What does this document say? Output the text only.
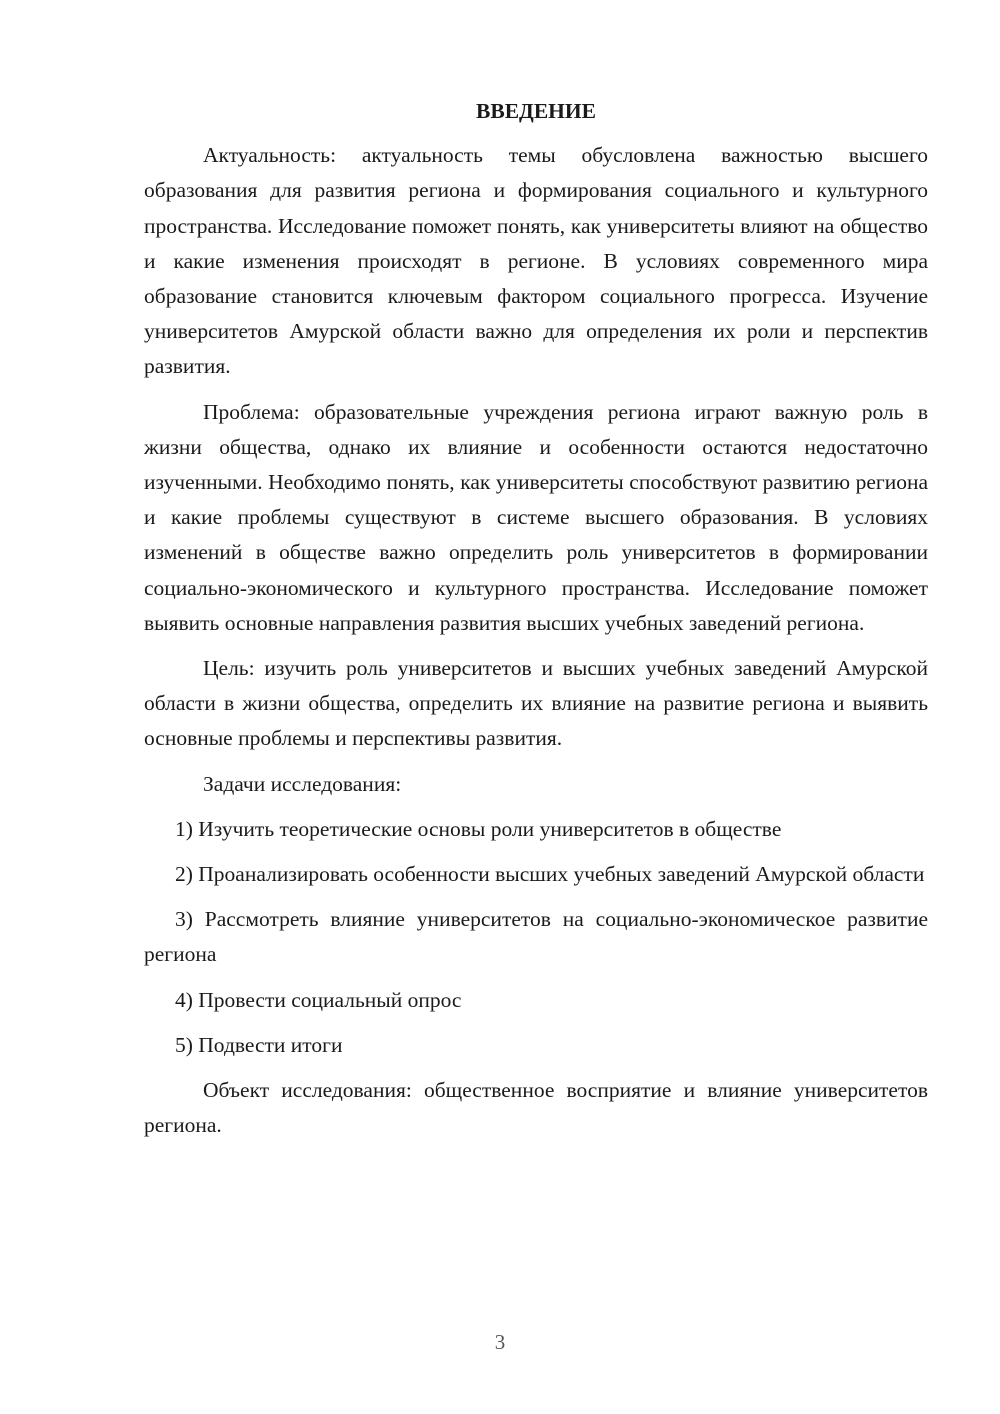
ВВЕДЕНИЕ

Актуальность: актуальность темы обусловлена важностью высшего образования для развития региона и формирования социального и культурного пространства. Исследование поможет понять, как университеты влияют на общество и какие изменения происходят в регионе. В условиях современного мира образование становится ключевым фактором социального прогресса. Изучение университетов Амурской области важно для определения их роли и перспектив развития.

Проблема: образовательные учреждения региона играют важную роль в жизни общества, однако их влияние и особенности остаются недостаточно изученными. Необходимо понять, как университеты способствуют развитию региона и какие проблемы существуют в системе высшего образования. В условиях изменений в обществе важно определить роль университетов в формировании социально-экономического и культурного пространства. Исследование поможет выявить основные направления развития высших учебных заведений региона.

Цель: изучить роль университетов и высших учебных заведений Амурской области в жизни общества, определить их влияние на развитие региона и выявить основные проблемы и перспективы развития.

Задачи исследования:

1) Изучить теоретические основы роли университетов в обществе

2) Проанализировать особенности высших учебных заведений Амурской области

3) Рассмотреть влияние университетов на социально-экономическое развитие региона

4) Провести социальный опрос

5) Подвести итоги

Объект исследования: общественное восприятие и влияние университетов региона.

3
